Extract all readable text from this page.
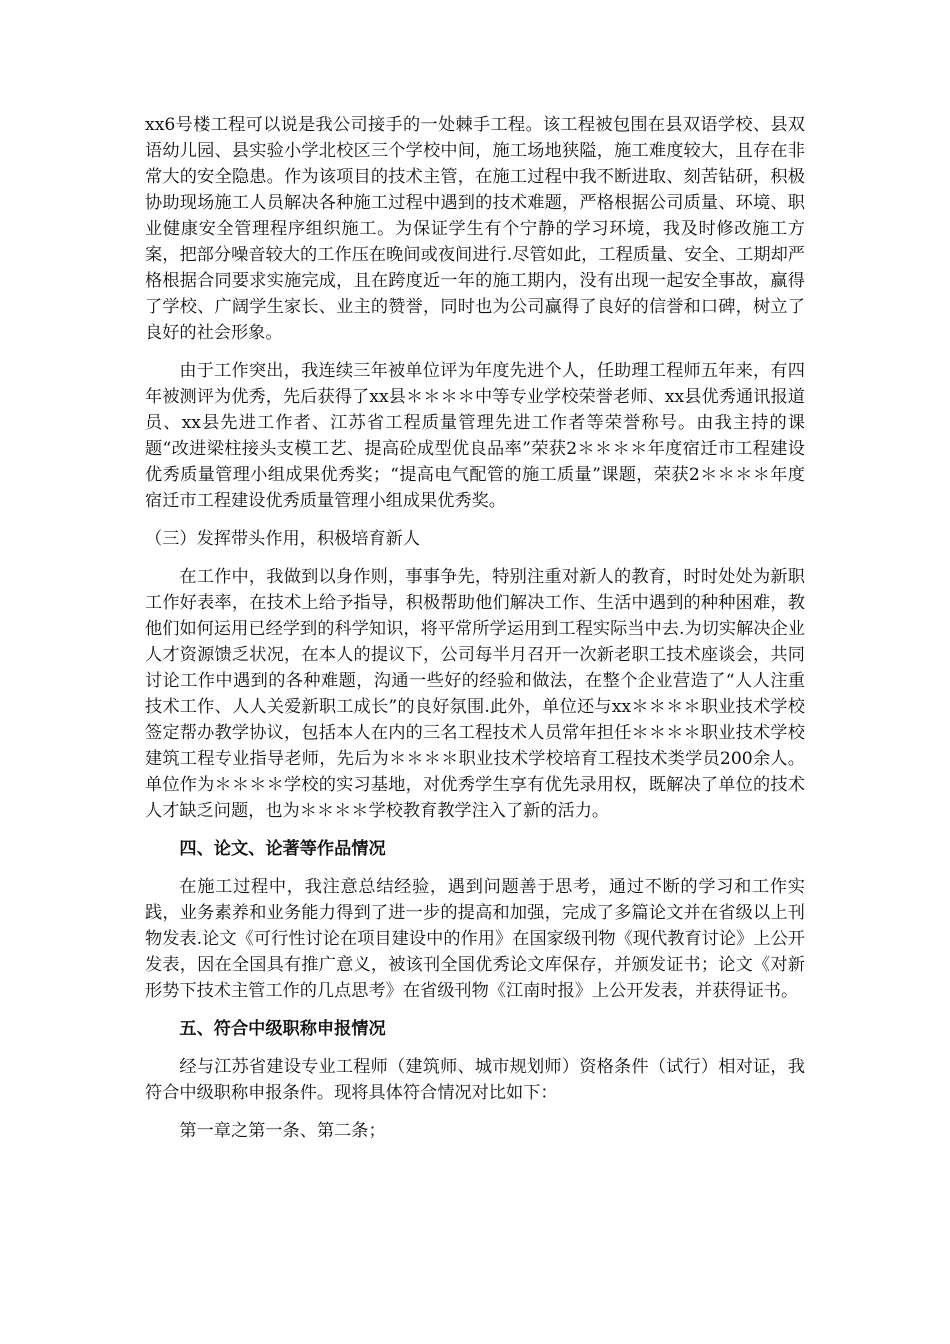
xx6号楼工程可以说是我公司接手的一处棘手工程。该工程被包围在县双语学校、县双语幼儿园、县实验小学北校区三个学校中间，施工场地狭隘，施工难度较大，且存在非常大的安全隐患。作为该项目的技术主管，在施工过程中我不断进取、刻苦钻研，积极协助现场施工人员解决各种施工过程中遇到的技术难题，严格根据公司质量、环境、职业健康安全管理程序组织施工。为保证学生有个宁静的学习环境，我及时修改施工方案，把部分噪音较大的工作压在晚间或夜间进行.尽管如此，工程质量、安全、工期却严格根据合同要求实施完成，且在跨度近一年的施工期内，没有出现一起安全事故，赢得了学校、广阔学生家长、业主的赞誉，同时也为公司赢得了良好的信誉和口碑，树立了良好的社会形象。

由于工作突出，我连续三年被单位评为年度先进个人，任助理工程师五年来，有四年被测评为优秀，先后获得了xx县＊＊＊＊中等专业学校荣誉老师、xx县优秀通讯报道员、xx县先进工作者、江苏省工程质量管理先进工作者等荣誉称号。由我主持的课题“改进梁柱接头支模工艺、提高砼成型优良品率”荣获2＊＊＊＊年度宿迁市工程建设优秀质量管理小组成果优秀奖；“提高电气配管的施工质量”课题，荣获2＊＊＊＊年度宿迁市工程建设优秀质量管理小组成果优秀奖。

（三）发挥带头作用，积极培育新人

在工作中，我做到以身作则，事事争先，特别注重对新人的教育，时时处处为新职工作好表率，在技术上给予指导，积极帮助他们解决工作、生活中遇到的种种困难，教他们如何运用已经学到的科学知识，将平常所学运用到工程实际当中去.为切实解决企业人才资源馈乏状况，在本人的提议下，公司每半月召开一次新老职工技术座谈会，共同讨论工作中遇到的各种难题，沟通一些好的经验和做法，在整个企业营造了“人人注重技术工作、人人关爱新职工成长”的良好氛围.此外，单位还与xx＊＊＊＊职业技术学校签定帮办教学协议，包括本人在内的三名工程技术人员常年担任＊＊＊＊职业技术学校建筑工程专业指导老师，先后为＊＊＊＊职业技术学校培育工程技术类学员200余人。单位作为＊＊＊＊学校的实习基地，对优秀学生享有优先录用权，既解决了单位的技术人才缺乏问题，也为＊＊＊＊学校教育教学注入了新的活力。

四、论文、论著等作品情况

在施工过程中，我注意总结经验，遇到问题善于思考，通过不断的学习和工作实践，业务素养和业务能力得到了进一步的提高和加强，完成了多篇论文并在省级以上刊物发表.论文《可行性讨论在项目建设中的作用》在国家级刊物《现代教育讨论》上公开发表，因在全国具有推广意义，被该刊全国优秀论文库保存，并颁发证书；论文《对新形势下技术主管工作的几点思考》在省级刊物《江南时报》上公开发表，并获得证书。

五、符合中级职称申报情况

经与江苏省建设专业工程师（建筑师、城市规划师）资格条件（试行）相对证，我符合中级职称申报条件。现将具体符合情况对比如下：

第一章之第一条、第二条；
